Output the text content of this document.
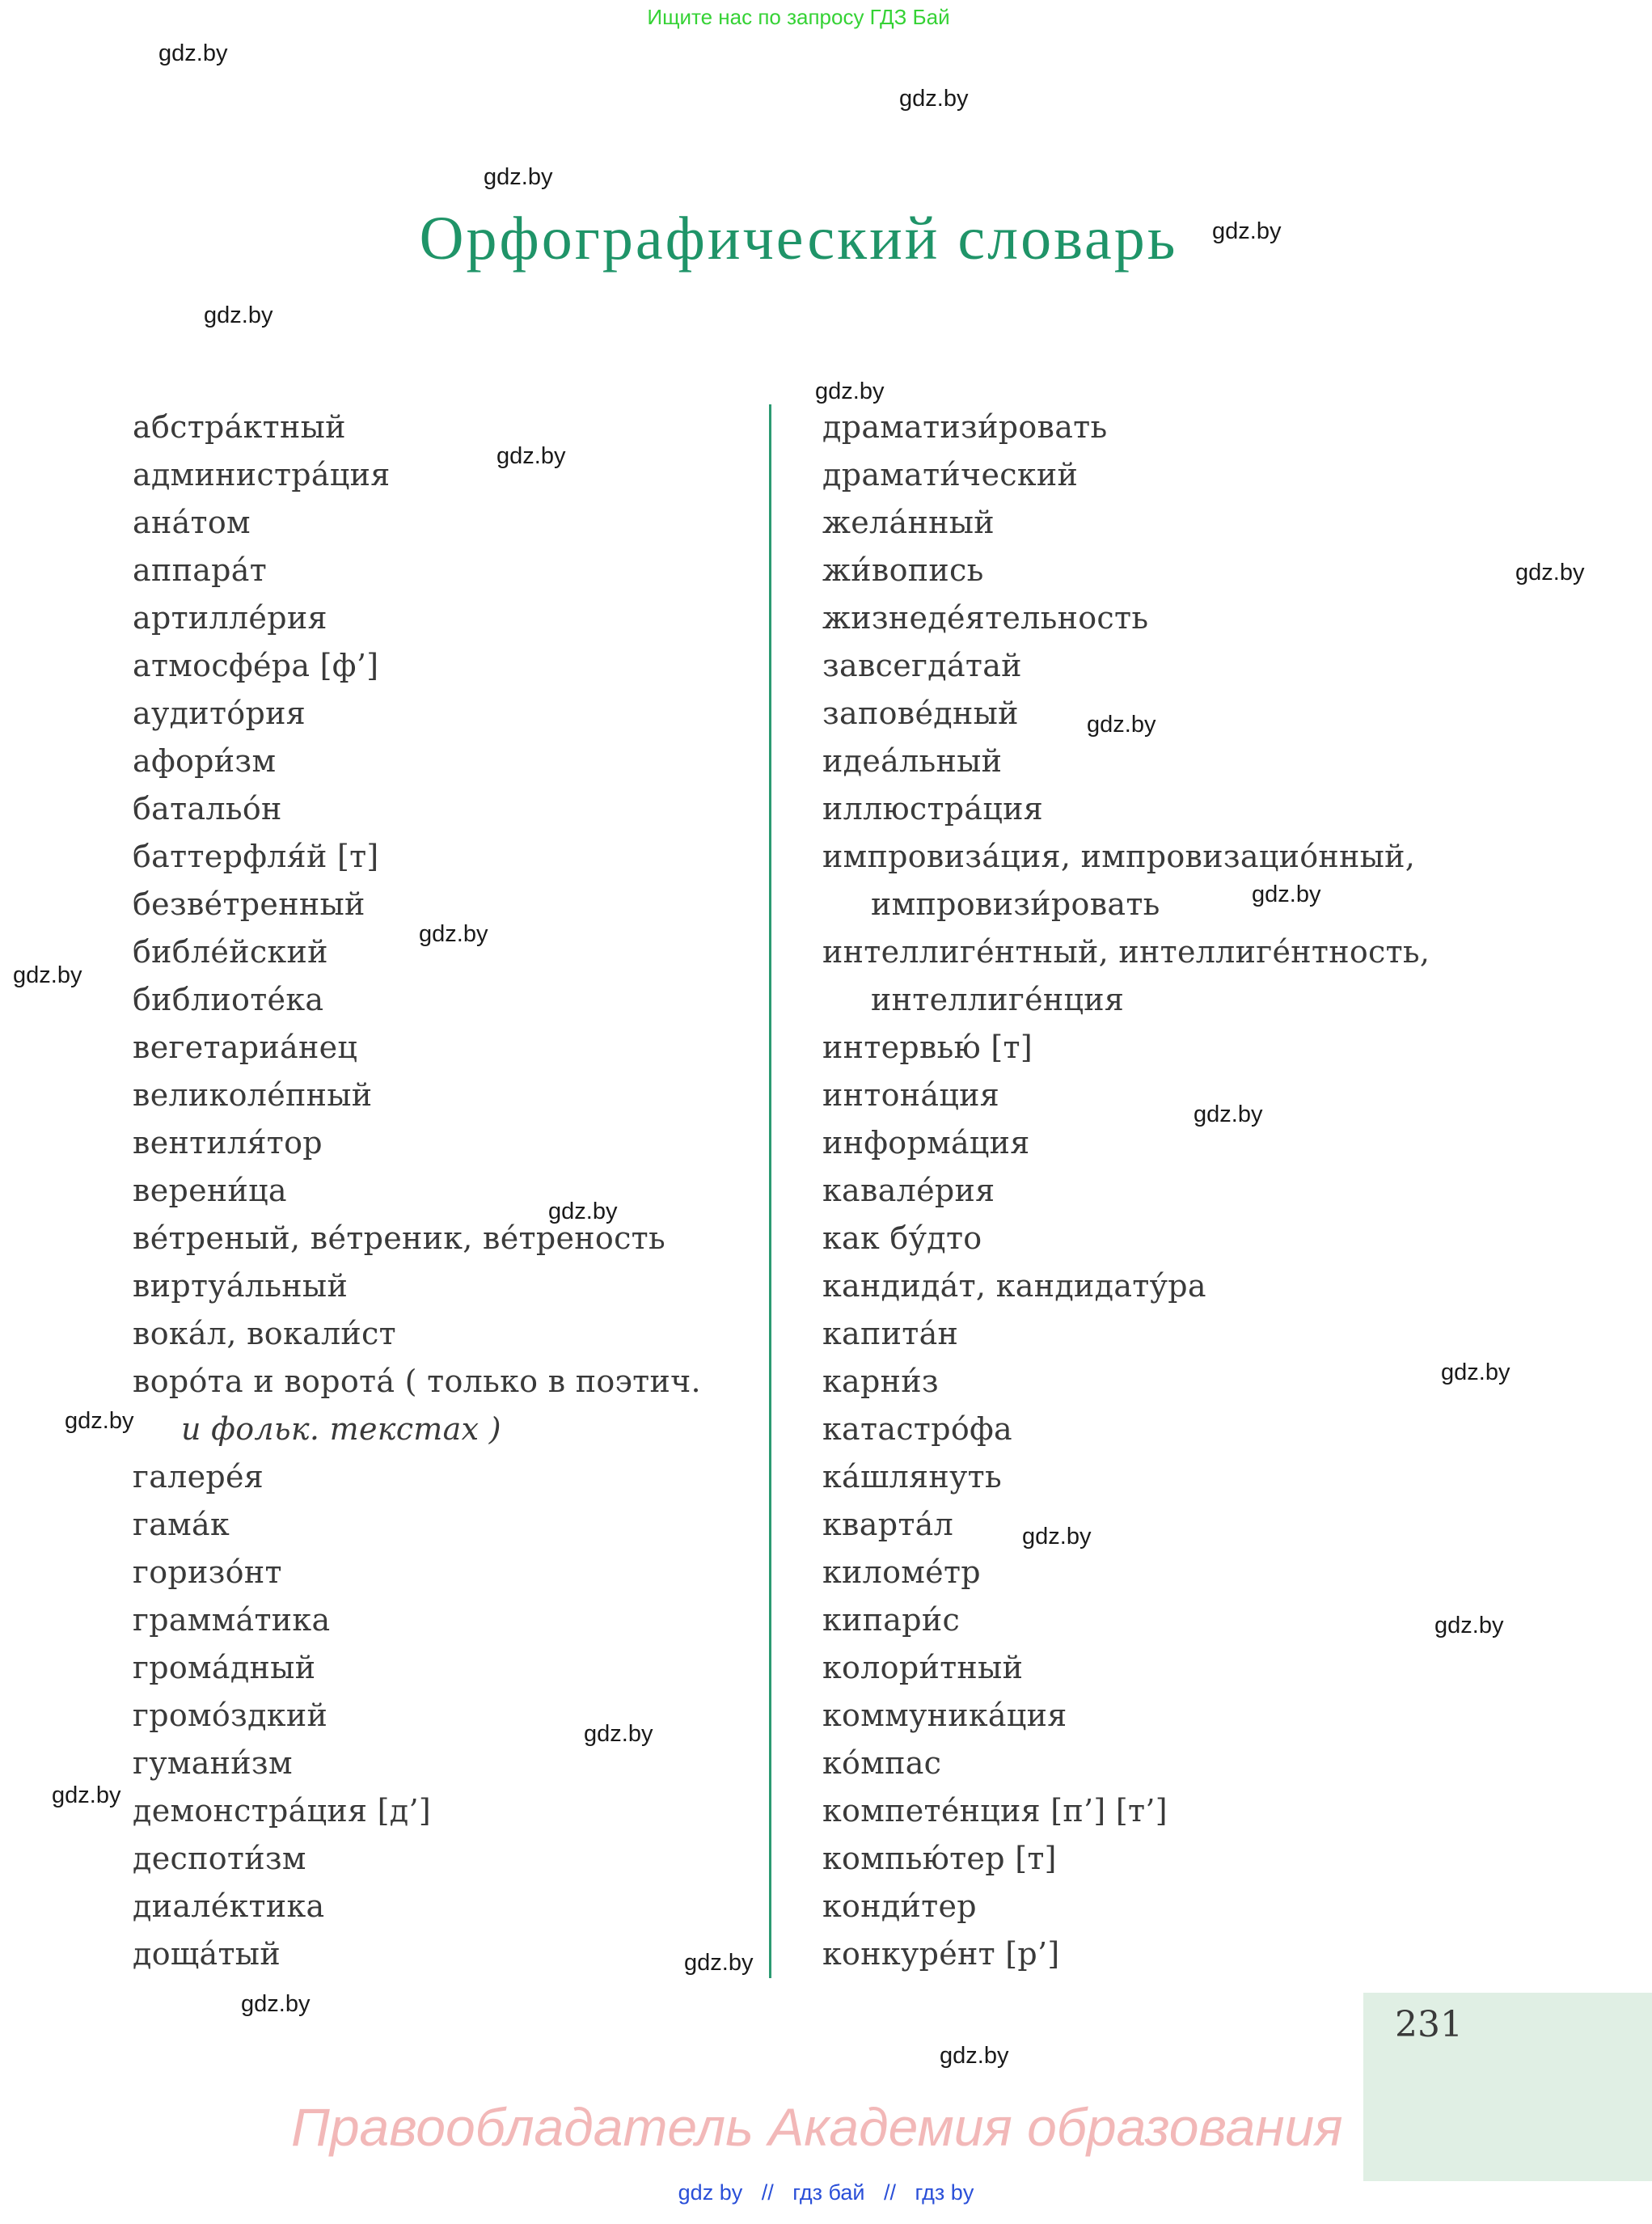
Ищите нас по запросу ГДЗ Бай
gdz.by
gdz.by
gdz.by
gdz.by
gdz.by
gdz.by
gdz.by
gdz.by
gdz.by
gdz.by
gdz.by
gdz.by
gdz.by
gdz.by
gdz.by
gdz.by
gdz.by
gdz.by
gdz.by
gdz.by
gdz.by
gdz.by
gdz.by
Орфографический словарь
абстра́ктный
администра́ция
ана́том
аппара́т
артилле́рия
атмосфе́ра [ф’]
аудито́рия
афори́зм
батальо́н
баттерфля́й [т]
безве́тренный
библе́йский
библиоте́ка
вегетариа́нец
великоле́пный
вентиля́тор
верени́ца
ве́треный, ве́треник, ве́треность
виртуа́льный
вока́л, вокали́ст
воро́та и ворота́ ( только в поэтич.
и фольк. текстах )
галере́я
гама́к
горизо́нт
грамма́тика
грома́дный
громо́здкий
гумани́зм
демонстра́ция [д’]
деспоти́зм
диале́ктика
доща́тый
драматизи́ровать
драмати́ческий
жела́нный
жи́вопись
жизнеде́ятельность
завсегда́тай
запове́дный
идеа́льный
иллюстра́ция
импровиза́ция, импровизацио́нный,
импровизи́ровать
интеллиге́нтный, интеллиге́нтность,
интеллиге́нция
интервью́ [т]
интона́ция
информа́ция
кавале́рия
как бу́дто
кандида́т, кандидату́ра
капита́н
карни́з
катастро́фа
ка́шлянуть
кварта́л
киломе́тр
кипари́с
колори́тный
коммуника́ция
ко́мпас
компете́нция [п’] [т’]
компью́тер [т]
конди́тер
конкуре́нт [р’]
231
Правообладатель Академия образования
gdz by // гдз бай // гдз by
